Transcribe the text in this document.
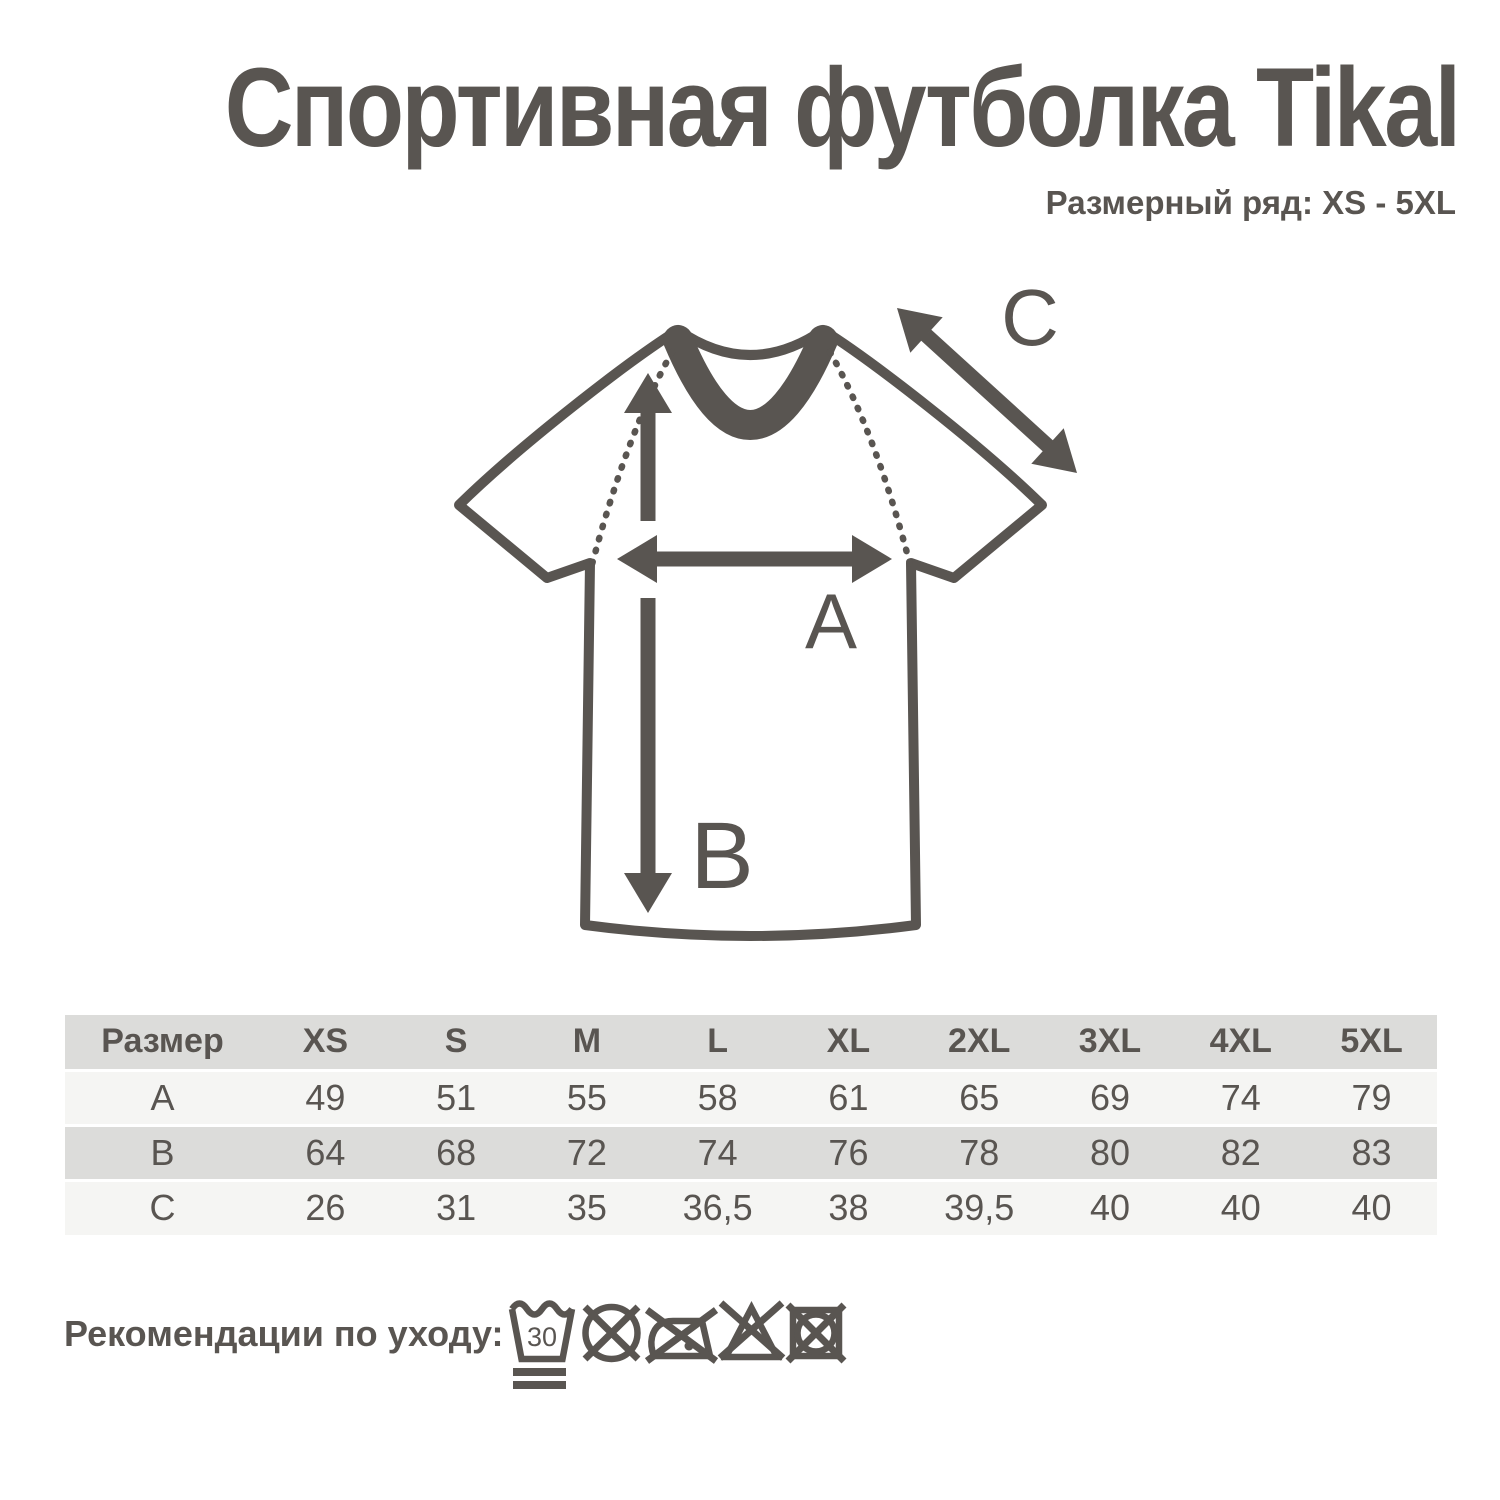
Спортивная футболка Tikal
Размерный ряд: XS - 5XL
A
B
C
Размер	XS	S	M	L	XL	2XL	3XL	4XL	5XL
A	49	51	55	58	61	65	69	74	79
B	64	68	72	74	76	78	80	82	83
C	26	31	35	36,5	38	39,5	40	40	40
Рекомендации по уходу: 30
